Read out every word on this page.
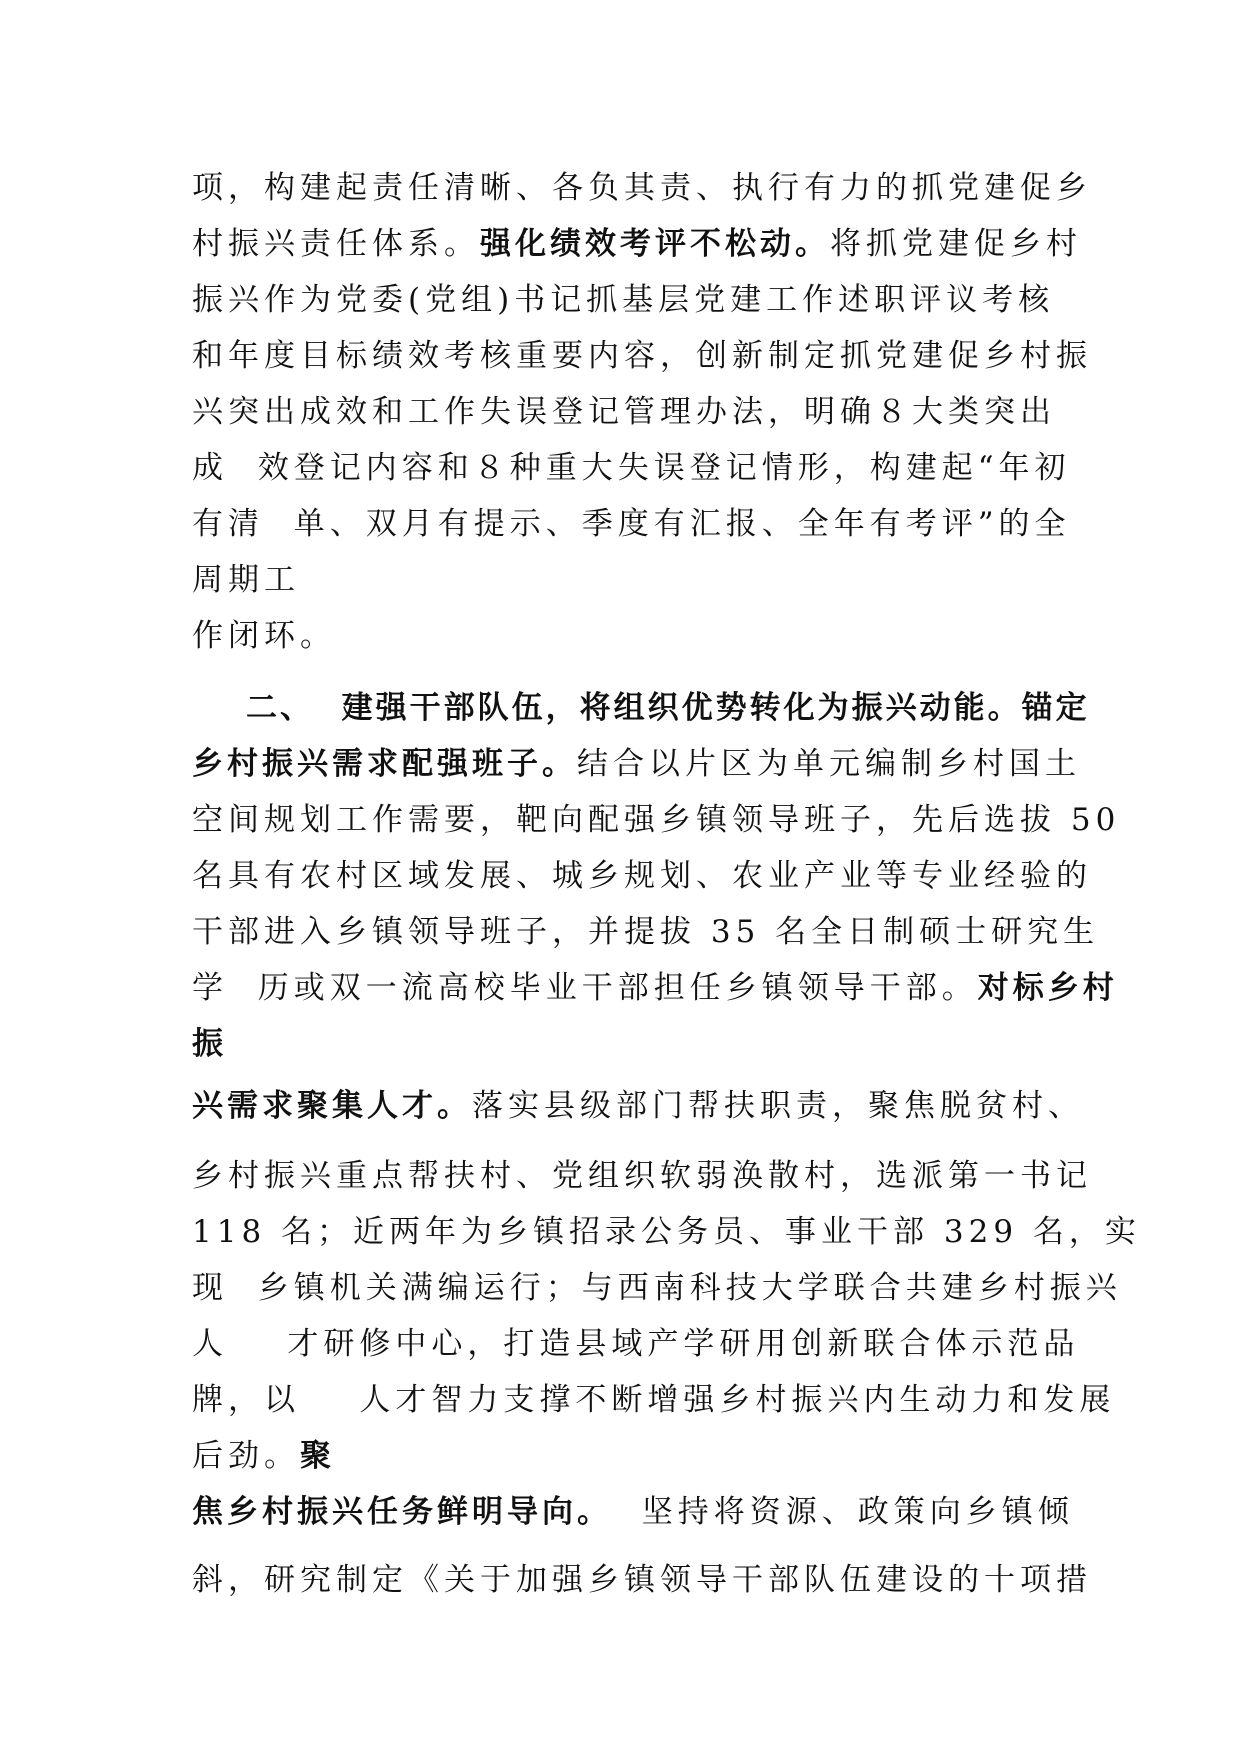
项，构建起责任清晰、各负其责、执行有力的抓党建促乡
村振兴责任体系。强化绩效考评不松动。将抓党建促乡村
振兴作为党委(党组)书记抓基层党建工作述职评议考核
和年度目标绩效考核重要内容，创新制定抓党建促乡村振
兴突出成效和工作失误登记管理办法，明确８大类突出
成  效登记内容和８种重大失误登记情形，构建起“年初
有清  单、双月有提示、季度有汇报、全年有考评”的全
周期工
作闭环。
二、  建强干部队伍，将组织优势转化为振兴动能。锚定
乡村振兴需求配强班子。结合以片区为单元编制乡村国土
空间规划工作需要，靶向配强乡镇领导班子，先后选拔 50
名具有农村区域发展、城乡规划、农业产业等专业经验的
干部进入乡镇领导班子，并提拔 35 名全日制硕士研究生
学  历或双一流高校毕业干部担任乡镇领导干部。对标乡村
振
兴需求聚集人才。落实县级部门帮扶职责，聚焦脱贫村、
乡村振兴重点帮扶村、党组织软弱涣散村，选派第一书记
118 名；近两年为乡镇招录公务员、事业干部 329 名，实
现  乡镇机关满编运行；与西南科技大学联合共建乡村振兴
人    才研修中心，打造县域产学研用创新联合体示范品
牌，以    人才智力支撑不断增强乡村振兴内生动力和发展
后劲。聚
焦乡村振兴任务鲜明导向。  坚持将资源、政策向乡镇倾
斜，研究制定《关于加强乡镇领导干部队伍建设的十项措
